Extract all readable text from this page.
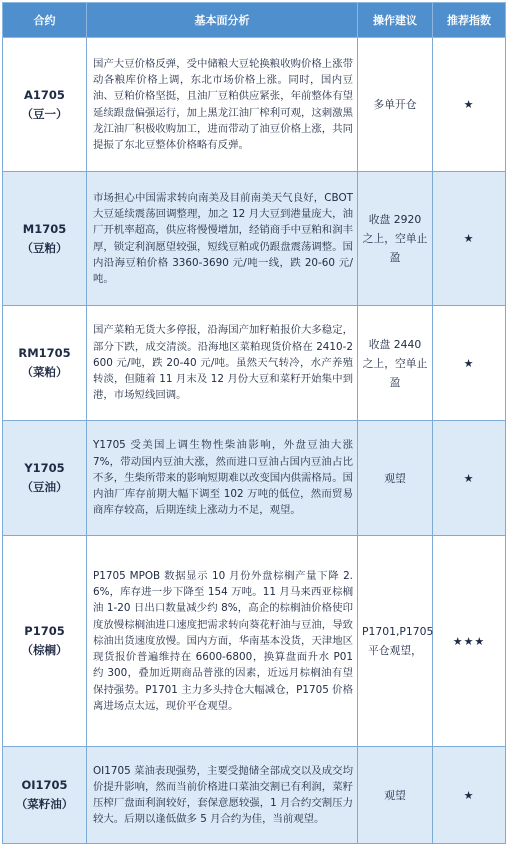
合约	基本面分析	操作建议	推荐指数

A1705
（豆一）	国产大豆价格反弹，受中储粮大豆轮换粮收购价格上涨带动各粮库价格上调，东北市场价格上涨。同时，国内豆油、豆粕价格坚挺，且油厂豆粕供应紧张，年前整体有望延续跟盘偏强运行，加上黑龙江油厂榨利可观，这刺激黑龙江油厂积极收购加工，进而带动了油豆价格上涨，共同提振了东北豆整体价格略有反弹。	多单开仓	★

M1705
（豆粕）	市场担心中国需求转向南美及目前南美天气良好，CBOT 大豆延续震荡回调整理，加之 12 月大豆到港量庞大，油厂开机率超高，供应将慢慢增加，经销商手中豆粕和润丰厚，锁定利润愿望较强，短线豆粕或仍跟盘震荡调整。国内沿海豆粕价格 3360-3690 元/吨一线，跌 20-60 元/吨。	收盘 2920 之上，空单止盈	★

RM1705
（菜粕）	国产菜粕无货大多停报，沿海国产加籽粕报价大多稳定，部分下跌，成交清淡。沿海地区菜粕现货价格在 2410-2600 元/吨，跌 20-40 元/吨。虽然天气转冷，水产养殖转淡，但随着 11 月末及 12 月份大豆和菜籽开始集中到港，市场短线回调。	收盘 2440 之上，空单止盈	★

Y1705
（豆油）	Y1705 受美国上调生物性柴油影响，外盘豆油大涨 7%，带动国内豆油大涨，然而进口豆油占国内豆油占比不多，生柴所带来的影响短期难以改变国内供需格局。国内油厂库存前期大幅下调至 102 万吨的低位，然而贸易商库存较高，后期连续上涨动力不足，观望。	观望	★

P1705
（棕榈）	P1705 MPOB 数据显示 10 月份外盘棕榈产量下降 2.6%，库存进一步下降至 154 万吨。11 月马来西亚棕榈油 1-20 日出口数量减少约 8%，高企的棕榈油价格使印度放慢棕榈油进口速度把需求转向葵花籽油与豆油，导致棕油出货速度放慢。国内方面，华南基本没货，天津地区现货报价普遍维持在 6600-6800，换算盘面升水 P01 约 300，叠加近期商品普涨的因素，近远月棕榈油有望保持强势。P1701 主力多头持仓大幅减仓，P1705 价格离进场点太远，现价平仓观望。	P1701,P1705 平仓观望，	★★★

OI1705
（菜籽油）	OI1705 菜油表现强势，主要受抛储全部成交以及成交均价提升影响，然而当前价格进口菜油交割已有利润，菜籽压榨厂盘面利润较好，套保意愿较强，1 月合约交割压力较大。后期以逢低做多 5 月合约为佳，当前观望。	观望	★
